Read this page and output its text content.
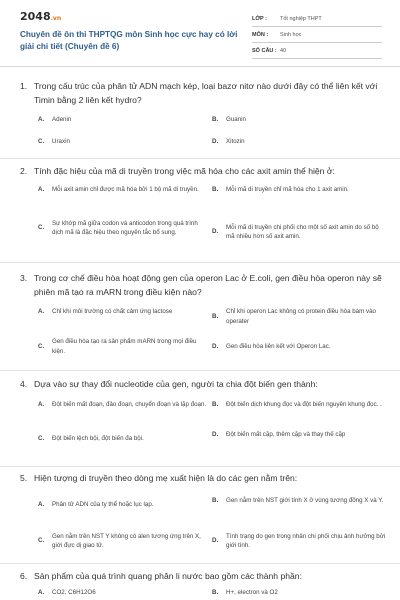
2048.vn
Chuyên đề ôn thi THPTQG môn Sinh học cực hay có lời giải chi tiết (Chuyên đề 6)
LỚP :	Tốt nghiệp THPT
MÔN :	Sinh học
SỐ CÂU : 40
1. Trong cấu trúc của phân tử ADN mạch kép, loại bazơ nitơ nào dưới đây có thể liên kết với Timin bằng 2 liên kết hydro?
A.	Adenin	B.	Guanin
C.	Uraxin	D.	Xitozin
2. Tính đặc hiệu của mã di truyền trong việc mã hóa cho các axit amin thể hiện ở:
A.	Mỗi axit amin chỉ được mã hóa bởi 1 bộ mã di truyền.	B.	Mỗi mã di truyền chỉ mã hóa cho 1 axit amin.
C.
Sự khớp mã giữa codon và anticodon trong quá trình dịch mã là đặc hiệu theo nguyên tắc bổ sung.	D.
Mỗi mã di truyền chi phối cho một số axit amin do số bộ mã nhiều hơn số axit amin.
3. Trong cơ chế điều hòa hoạt động gen của operon Lac ở E.coli, gen điều hòa operon này sẽ phiên mã tạo ra mARN trong điều kiện nào?
A.	Chỉ khi môi trường có chất cảm ứng lactose
B.
Chỉ khi operon Lac không có protein điều hòa bám vào operater
C.
Gen điều hòa tạo ra sản phẩm mARN trong mọi điều kiện.
D.	Gen điều hòa liên kết với Operon Lac.
4. Dựa vào sự thay đổi nucleotide của gen, người ta chia đột biến gen thành:
A.	Đột biến mất đoạn, đảo đoạn, chuyển đoạn và lặp đoạn. B.	Đột biến dịch khung đọc và đột biến nguyên khung đọc. .
C.	Đột biến lệch bội, đột biến đa bội.
D.	Đột biến mất cặp, thêm cặp và thay thế cặp
5. Hiện tượng di truyền theo dòng mẹ xuất hiện là do các gen nằm trên:
A.	Phân tử ADN của ty thể hoặc lục lạp.
B.	Gen nằm trên NST giới tính X ở vùng tương đồng X và Y.
C.
Gen nằm trên NST Y không có alen tương ứng trên X, giới đực dị giao tử.
D.
Tính trạng do gen trong nhân chi phối chịu ảnh hưởng bởi giới tính.
6. Sản phẩm của quá trình quang phân li nước bao gồm các thành phần:
A.	CO2, C6H12O6	B.	H+, electron và O2
